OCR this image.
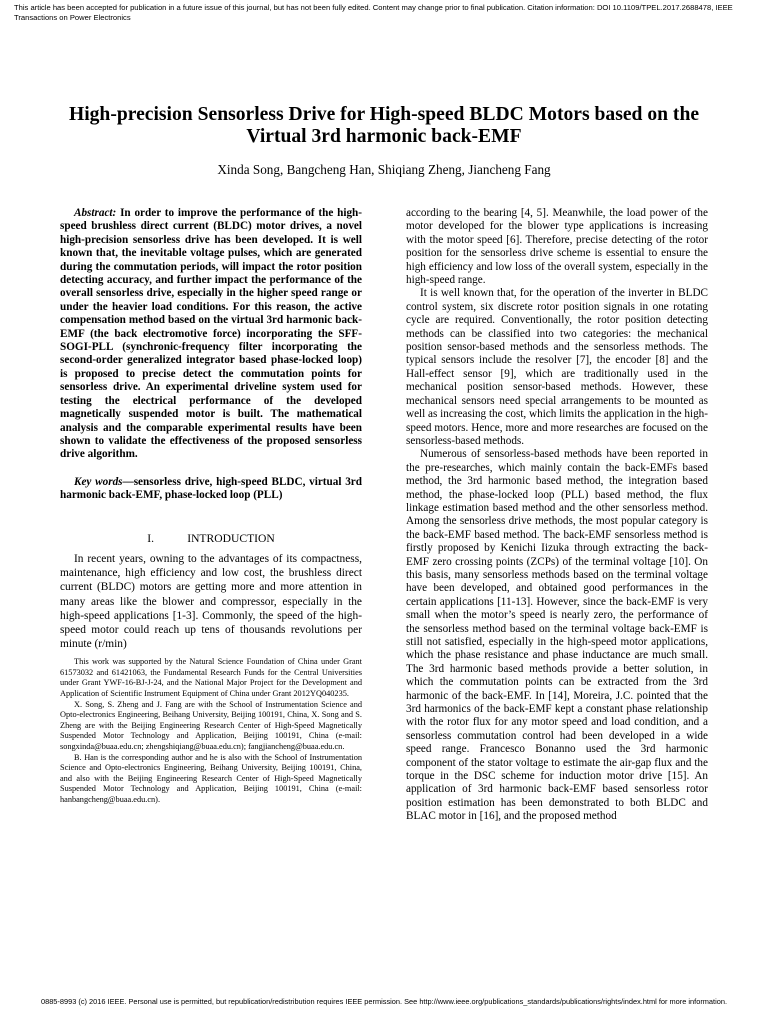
This article has been accepted for publication in a future issue of this journal, but has not been fully edited. Content may change prior to final publication. Citation information: DOI 10.1109/TPEL.2017.2688478, IEEE Transactions on Power Electronics
High-precision Sensorless Drive for High-speed BLDC Motors based on the Virtual 3rd harmonic back-EMF
Xinda Song, Bangcheng Han, Shiqiang Zheng, Jiancheng Fang

Abstract: In order to improve the performance of the high-speed brushless direct current (BLDC) motor drives, a novel high-precision sensorless drive has been developed. It is well known that, the inevitable voltage pulses, which are generated during the commutation periods, will impact the rotor position detecting accuracy, and further impact the performance of the overall sensorless drive, especially in the higher speed range or under the heavier load conditions. For this reason, the active compensation method based on the virtual 3rd harmonic back-EMF (the back electromotive force) incorporating the SFF-SOGI-PLL (synchronic-frequency filter incorporating the second-order generalized integrator based phase-locked loop) is proposed to precise detect the commutation points for sensorless drive. An experimental driveline system used for testing the electrical performance of the developed magnetically suspended motor is built. The mathematical analysis and the comparable experimental results have been shown to validate the effectiveness of the proposed sensorless drive algorithm.

Key words—sensorless drive, high-speed BLDC, virtual 3rd harmonic back-EMF, phase-locked loop (PLL)

I.	INTRODUCTION

In recent years, owning to the advantages of its compactness, maintenance, high efficiency and low cost, the brushless direct current (BLDC) motors are getting more and more attention in many areas like the blower and compressor, especially in the high-speed applications [1-3]. Commonly, the speed of the high-speed motor could reach up tens of thousands revolutions per minute (r/min)

This work was supported by the Natural Science Foundation of China under Grant 61573032 and 61421063, the Fundamental Research Funds for the Central Universities under Grant YWF-16-BJ-J-24, and the National Major Project for the Development and Application of Scientific Instrument Equipment of China under Grant 2012YQ040235.

X. Song, S. Zheng and J. Fang are with the School of Instrumentation Science and Opto-electronics Engineering, Beihang University, Beijing 100191, China, X. Song and S. Zheng are with the Beijing Engineering Research Center of High-Speed Magnetically Suspended Motor Technology and Application, Beijing 100191, China (e-mail: songxinda@buaa.edu.cn; zhengshiqiang@buaa.edu.cn); fangjiancheng@buaa.edu.cn.

B. Han is the corresponding author and he is also with the School of Instrumentation Science and Opto-electronics Engineering, Beihang University, Beijing 100191, China, and also with the Beijing Engineering Research Center of High-Speed Magnetically Suspended Motor Technology and Application, Beijing 100191, China (e-mail: hanbangcheng@buaa.edu.cn).

according to the bearing [4, 5]. Meanwhile, the load power of the motor developed for the blower type applications is increasing with the motor speed [6]. Therefore, precise detecting of the rotor position for the sensorless drive scheme is essential to ensure the high efficiency and low loss of the overall system, especially in the high-speed range.

It is well known that, for the operation of the inverter in BLDC control system, six discrete rotor position signals in one rotating cycle are required. Conventionally, the rotor position detecting methods can be classified into two categories: the mechanical position sensor-based methods and the sensorless methods. The typical sensors include the resolver [7], the encoder [8] and the Hall-effect sensor [9], which are traditionally used in the mechanical position sensor-based methods. However, these mechanical sensors need special arrangements to be mounted as well as increasing the cost, which limits the application in the high-speed motors. Hence, more and more researches are focused on the sensorless-based methods.

Numerous of sensorless-based methods have been reported in the pre-researches, which mainly contain the back-EMFs based method, the 3rd harmonic based method, the integration based method, the phase-locked loop (PLL) based method, the flux linkage estimation based method and the other sensorless method. Among the sensorless drive methods, the most popular category is the back-EMF based method. The back-EMF sensorless method is firstly proposed by Kenichi Iizuka through extracting the back-EMF zero crossing points (ZCPs) of the terminal voltage [10]. On this basis, many sensorless methods based on the terminal voltage have been developed, and obtained good performances in the certain applications [11-13]. However, since the back-EMF is very small when the motor’s speed is nearly zero, the performance of the sensorless method based on the terminal voltage back-EMF is still not satisfied, especially in the high-speed motor applications, which the phase resistance and phase inductance are much small. The 3rd harmonic based methods provide a better solution, in which the commutation points can be extracted from the 3rd harmonic of the back-EMF. In [14], Moreira, J.C. pointed that the 3rd harmonics of the back-EMF kept a constant phase relationship with the rotor flux for any motor speed and load condition, and a sensorless commutation control had been developed in a wide speed range. Francesco Bonanno used the 3rd harmonic component of the stator voltage to estimate the air-gap flux and the torque in the DSC scheme for induction motor drive [15]. An application of 3rd harmonic back-EMF based sensorless rotor position estimation has been demonstrated to both BLDC and BLAC motor in [16], and the proposed method

0885-8993 (c) 2016 IEEE. Personal use is permitted, but republication/redistribution requires IEEE permission. See http://www.ieee.org/publications_standards/publications/rights/index.html for more information.
